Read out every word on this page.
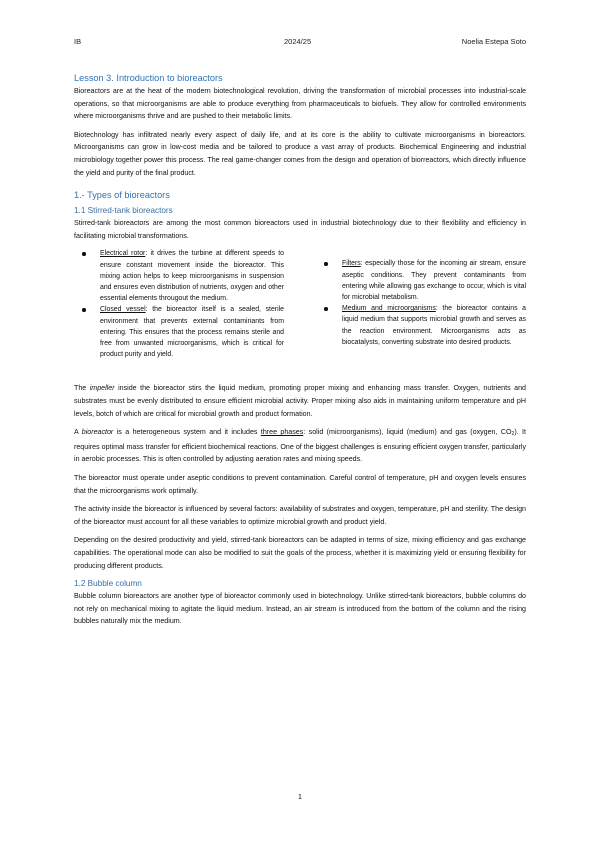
IB	2024/25	Noelia Estepa Soto

Lesson 3. Introduction to bioreactors

Bioreactors are at the heat of the modern biotechnological revolution, driving the transformation of microbial processes into industrial-scale operations, so that microorganisms are able to produce everything from pharmaceuticals to biofuels. They allow for controlled environments where microorganisms thrive and are pushed to their metabolic limits.

Biotechnology has infiltrated nearly every aspect of daily life, and at its core is the ability to cultivate microorganisms in bioreactors. Microorganisms can grow in low-cost media and be tailored to produce a vast array of products. Biochemical Engineering and industrial microbiology together power this process. The real game-changer comes from the design and operation of biorreactors, which directly influence the yield and purity of the final product.

1.- Types of bioreactors

1.1 Stirred-tank bioreactors

Stirred-tank bioreactors are among the most common bioreactors used in industrial biotechnology due to their flexibility and efficiency in facilitating microbial transformations.

Electrical rotor: it drives the turbine at different speeds to ensure constant movement inside the bioreactor. This mixing action helps to keep microorganisms in suspension and ensures even distribution of nutrients, oxygen and other essential elements througout the medium.
Closed vessel: the bioreactor itself is a sealed, sterile environment that prevents external contaminants from entering. This ensures that the process remains sterile and free from unwanted microorganisms, which is critical for product purity and yield.
Filters: especially those for the incoming air stream, ensure aseptic conditions. They prevent contaminants from entering while allowing gas exchange to occur, which is vital for microbial metabolism.
Medium and microorganisms: the bioreactor contains a liquid medium that supports microbial growth and serves as the reaction environment. Microorganisms acts as biocatalysts, converting substrate into desired products.

The impeller inside the bioreactor stirs the liquid medium, promoting proper mixing and enhancing mass transfer. Oxygen, nutrients and substrates must be evenly distributed to ensure efficient microbial activity. Proper mixing also aids in maintaining uniform temperature and pH levels, botch of which are critical for microbial growth and product formation.

A bioreactor is a heterogeneous system and it includes three phases: solid (microorganisms), liquid (medium) and gas (oxygen, $CO_2$). It requires optimal mass transfer for efficient biochemical reactions. One of the biggest challenges is ensuring efficient oxygen transfer, particularly in aerobic processes. This is often controlled by adjusting aeration rates and mixing speeds.

The bioreactor must operate under aseptic conditions to prevent contamination. Careful control of temperature, pH and oxygen levels ensures that the microorganisms work optimally.

The activity inside the bioreactor is influenced by several factors: availability of substrates and oxygen, temperature, pH and sterility. The design of the bioreactor must account for all these variables to optimize microbial growth and product yield.

Depending on the desired productivity and yield, stirred-tank bioreactors can be adapted in terms of size, mixing efficiency and gas exchange capabilities. The operational mode can also be modified to suit the goals of the process, whether it is maximizing yield or ensuring flexibility for producing different products.

1.2 Bubble column

Bubble column bioreactors are another type of bioreactor commonly used in biotechnology. Unlike stirred-tank bioreactors, bubble columns do not rely on mechanical mixing to agitate the liquid medium. Instead, an air stream is introduced from the bottom of the column and the rising bubbles naturally mix the medium.

1
